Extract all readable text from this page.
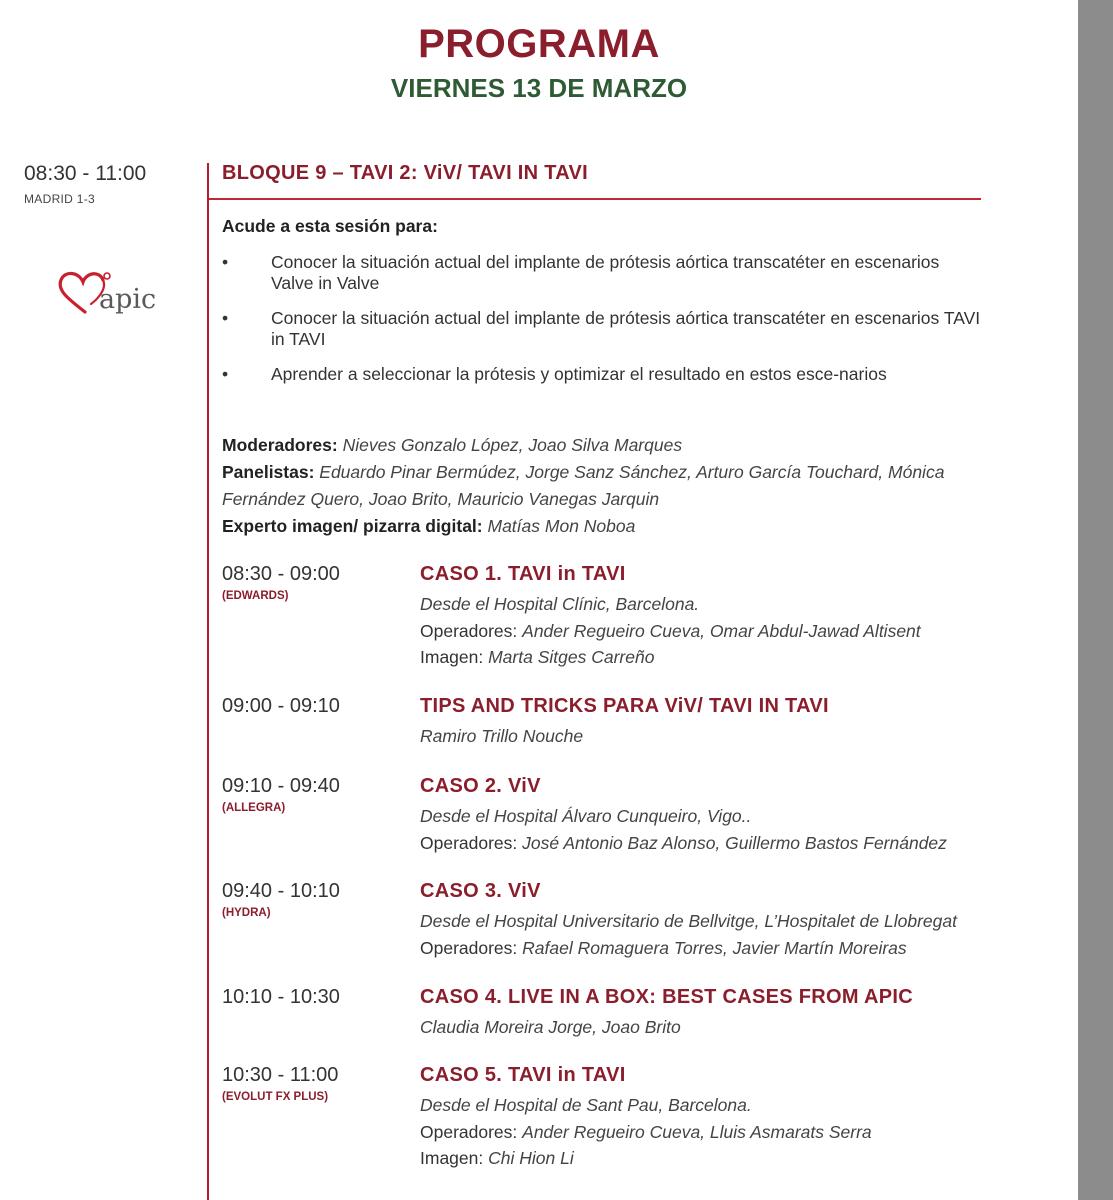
PROGRAMA
VIERNES 13 DE MARZO
08:30 - 11:00
MADRID 1-3
apic
BLOQUE 9 – TAVI 2: ViV/ TAVI IN TAVI
Acude a esta sesión para:
• Conocer la situación actual del implante de prótesis aórtica transcatéter en escenarios Valve in Valve
• Conocer la situación actual del implante de prótesis aórtica transcatéter en escenarios TAVI in TAVI
• Aprender a seleccionar la prótesis y optimizar el resultado en estos esce-narios
Moderadores: Nieves Gonzalo López, Joao Silva Marques
Panelistas: Eduardo Pinar Bermúdez, Jorge Sanz Sánchez, Arturo García Touchard, Mónica Fernández Quero, Joao Brito, Mauricio Vanegas Jarquin
Experto imagen/ pizarra digital: Matías Mon Noboa
08:30 - 09:00
(EDWARDS)
CASO 1. TAVI in TAVI
Desde el Hospital Clínic, Barcelona.
Operadores: Ander Regueiro Cueva, Omar Abdul-Jawad Altisent
Imagen: Marta Sitges Carreño
09:00 - 09:10	TIPS AND TRICKS PARA ViV/ TAVI IN TAVI
Ramiro Trillo Nouche
09:10 - 09:40
(ALLEGRA)
CASO 2. ViV
Desde el Hospital Álvaro Cunqueiro, Vigo..
Operadores: José Antonio Baz Alonso, Guillermo Bastos Fernández
09:40 - 10:10
(HYDRA)
CASO 3. ViV
Desde el Hospital Universitario de Bellvitge, L’Hospitalet de Llobregat
Operadores: Rafael Romaguera Torres, Javier Martín Moreiras
10:10 - 10:30	CASO 4. LIVE IN A BOX: BEST CASES FROM APIC
Claudia Moreira Jorge, Joao Brito
10:30 - 11:00
(EVOLUT FX PLUS)
CASO 5. TAVI in TAVI
Desde el Hospital de Sant Pau, Barcelona.
Operadores: Ander Regueiro Cueva, Lluis Asmarats Serra
Imagen: Chi Hion Li
